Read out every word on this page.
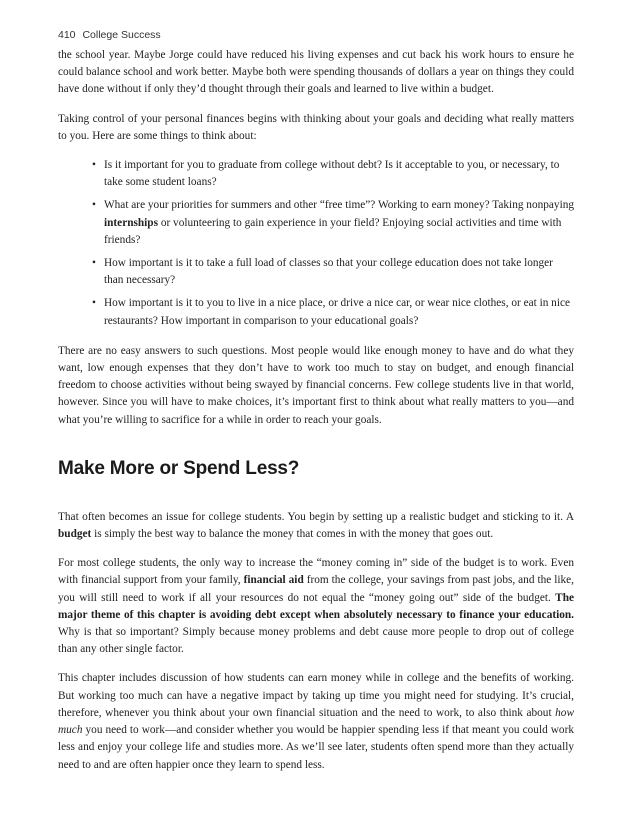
410 College Success

the school year. Maybe Jorge could have reduced his living expenses and cut back his work hours to ensure he could balance school and work better. Maybe both were spending thousands of dollars a year on things they could have done without if only they’d thought through their goals and learned to live within a budget.

Taking control of your personal finances begins with thinking about your goals and deciding what really matters to you. Here are some things to think about:

• Is it important for you to graduate from college without debt? Is it acceptable to you, or necessary, to take some student loans?
• What are your priorities for summers and other “free time”? Working to earn money? Taking nonpaying internships or volunteering to gain experience in your field? Enjoying social activities and time with friends?
• How important is it to take a full load of classes so that your college education does not take longer than necessary?
• How important is it to you to live in a nice place, or drive a nice car, or wear nice clothes, or eat in nice restaurants? How important in comparison to your educational goals?

There are no easy answers to such questions. Most people would like enough money to have and do what they want, low enough expenses that they don’t have to work too much to stay on budget, and enough financial freedom to choose activities without being swayed by financial concerns. Few college students live in that world, however. Since you will have to make choices, it’s important first to think about what really matters to you—and what you’re willing to sacrifice for a while in order to reach your goals.

Make More or Spend Less?

That often becomes an issue for college students. You begin by setting up a realistic budget and sticking to it. A budget is simply the best way to balance the money that comes in with the money that goes out.

For most college students, the only way to increase the “money coming in” side of the budget is to work. Even with financial support from your family, financial aid from the college, your savings from past jobs, and the like, you will still need to work if all your resources do not equal the “money going out” side of the budget. The major theme of this chapter is avoiding debt except when absolutely necessary to finance your education. Why is that so important? Simply because money problems and debt cause more people to drop out of college than any other single factor.

This chapter includes discussion of how students can earn money while in college and the benefits of working. But working too much can have a negative impact by taking up time you might need for studying. It’s crucial, therefore, whenever you think about your own financial situation and the need to work, to also think about how much you need to work—and consider whether you would be happier spending less if that meant you could work less and enjoy your college life and studies more. As we’ll see later, students often spend more than they actually need to and are often happier once they learn to spend less.
